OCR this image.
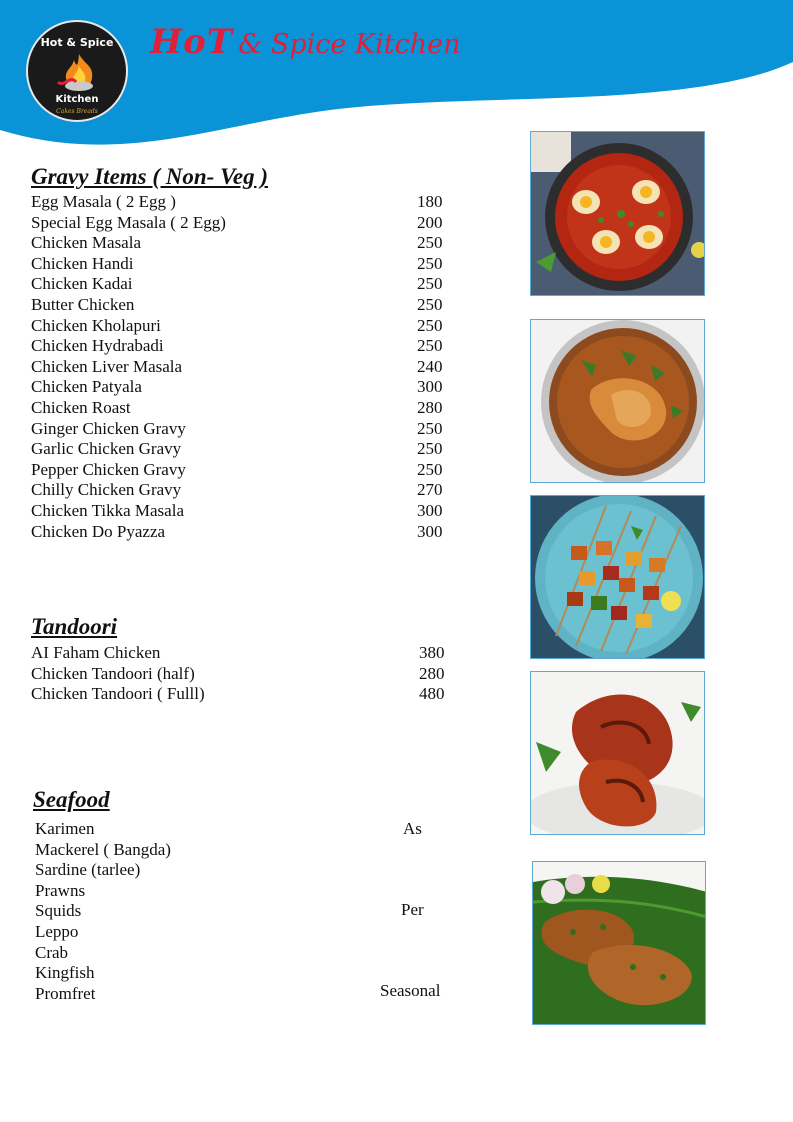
Hot & Spice
Kitchen
Cakes Breads
HoT & Spice Kitchen
Gravy Items ( Non- Veg )
Egg Masala ( 2 Egg )	180
Special Egg Masala ( 2 Egg)	200
Chicken Masala	250
Chicken Handi	250
Chicken Kadai	250
Butter Chicken	250
Chicken Kholapuri	250
Chicken Hydrabadi	250
Chicken Liver Masala	240
Chicken Patyala	300
Chicken Roast	280
Ginger Chicken Gravy	250
Garlic Chicken Gravy	250
Pepper Chicken Gravy	250
Chilly Chicken Gravy	270
Chicken Tikka Masala	300
Chicken Do Pyazza	300
Tandoori
AI Faham Chicken	380
Chicken Tandoori (half)	280
Chicken Tandoori ( Fulll)	480
Seafood
Karimen
Mackerel ( Bangda)
Sardine (tarlee)
Prawns
Squids
Leppo
Crab
Kingfish
Promfret
As
Per
Seasonal
